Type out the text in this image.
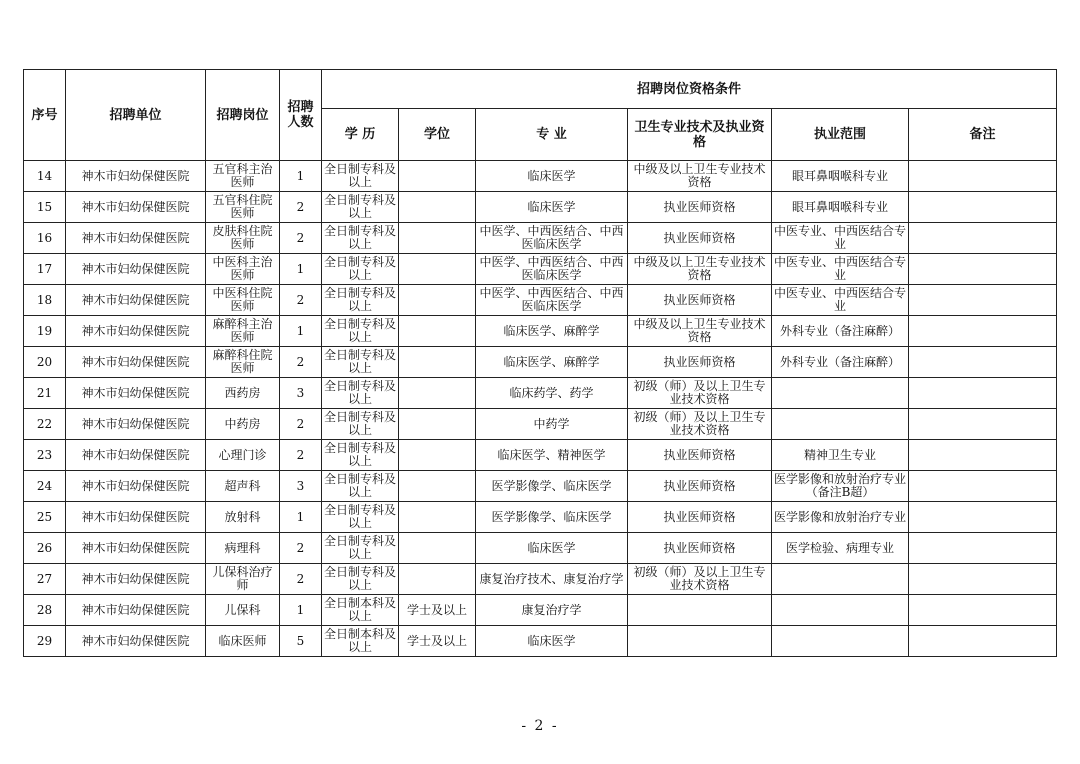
序号	招聘单位	招聘岗位	招聘人数	招聘岗位资格条件					
				学 历	学位	专 业	卫生专业技术及执业资格	执业范围	备注
14	神木市妇幼保健医院	五官科主治医师	1	全日制专科及以上		临床医学	中级及以上卫生专业技术资格	眼耳鼻咽喉科专业	
15	神木市妇幼保健医院	五官科住院医师	2	全日制专科及以上		临床医学	执业医师资格	眼耳鼻咽喉科专业	
16	神木市妇幼保健医院	皮肤科住院医师	2	全日制专科及以上		中医学、中西医结合、中西医临床医学	执业医师资格	中医专业、中西医结合专业	
17	神木市妇幼保健医院	中医科主治医师	1	全日制专科及以上		中医学、中西医结合、中西医临床医学	中级及以上卫生专业技术资格	中医专业、中西医结合专业	
18	神木市妇幼保健医院	中医科住院医师	2	全日制专科及以上		中医学、中西医结合、中西医临床医学	执业医师资格	中医专业、中西医结合专业	
19	神木市妇幼保健医院	麻醉科主治医师	1	全日制专科及以上		临床医学、麻醉学	中级及以上卫生专业技术资格	外科专业（备注麻醉）	
20	神木市妇幼保健医院	麻醉科住院医师	2	全日制专科及以上		临床医学、麻醉学	执业医师资格	外科专业（备注麻醉）	
21	神木市妇幼保健医院	西药房	3	全日制专科及以上		临床药学、药学	初级（师）及以上卫生专业技术资格		
22	神木市妇幼保健医院	中药房	2	全日制专科及以上		中药学	初级（师）及以上卫生专业技术资格		
23	神木市妇幼保健医院	心理门诊	2	全日制专科及以上		临床医学、精神医学	执业医师资格	精神卫生专业	
24	神木市妇幼保健医院	超声科	3	全日制专科及以上		医学影像学、临床医学	执业医师资格	医学影像和放射治疗专业（备注B超）	
25	神木市妇幼保健医院	放射科	1	全日制专科及以上		医学影像学、临床医学	执业医师资格	医学影像和放射治疗专业	
26	神木市妇幼保健医院	病理科	2	全日制专科及以上		临床医学	执业医师资格	医学检验、病理专业	
27	神木市妇幼保健医院	儿保科治疗师	2	全日制专科及以上		康复治疗技术、康复治疗学	初级（师）及以上卫生专业技术资格		
28	神木市妇幼保健医院	儿保科	1	全日制本科及以上	学士及以上	康复治疗学			
29	神木市妇幼保健医院	临床医师	5	全日制本科及以上	学士及以上	临床医学			
- 2 -
